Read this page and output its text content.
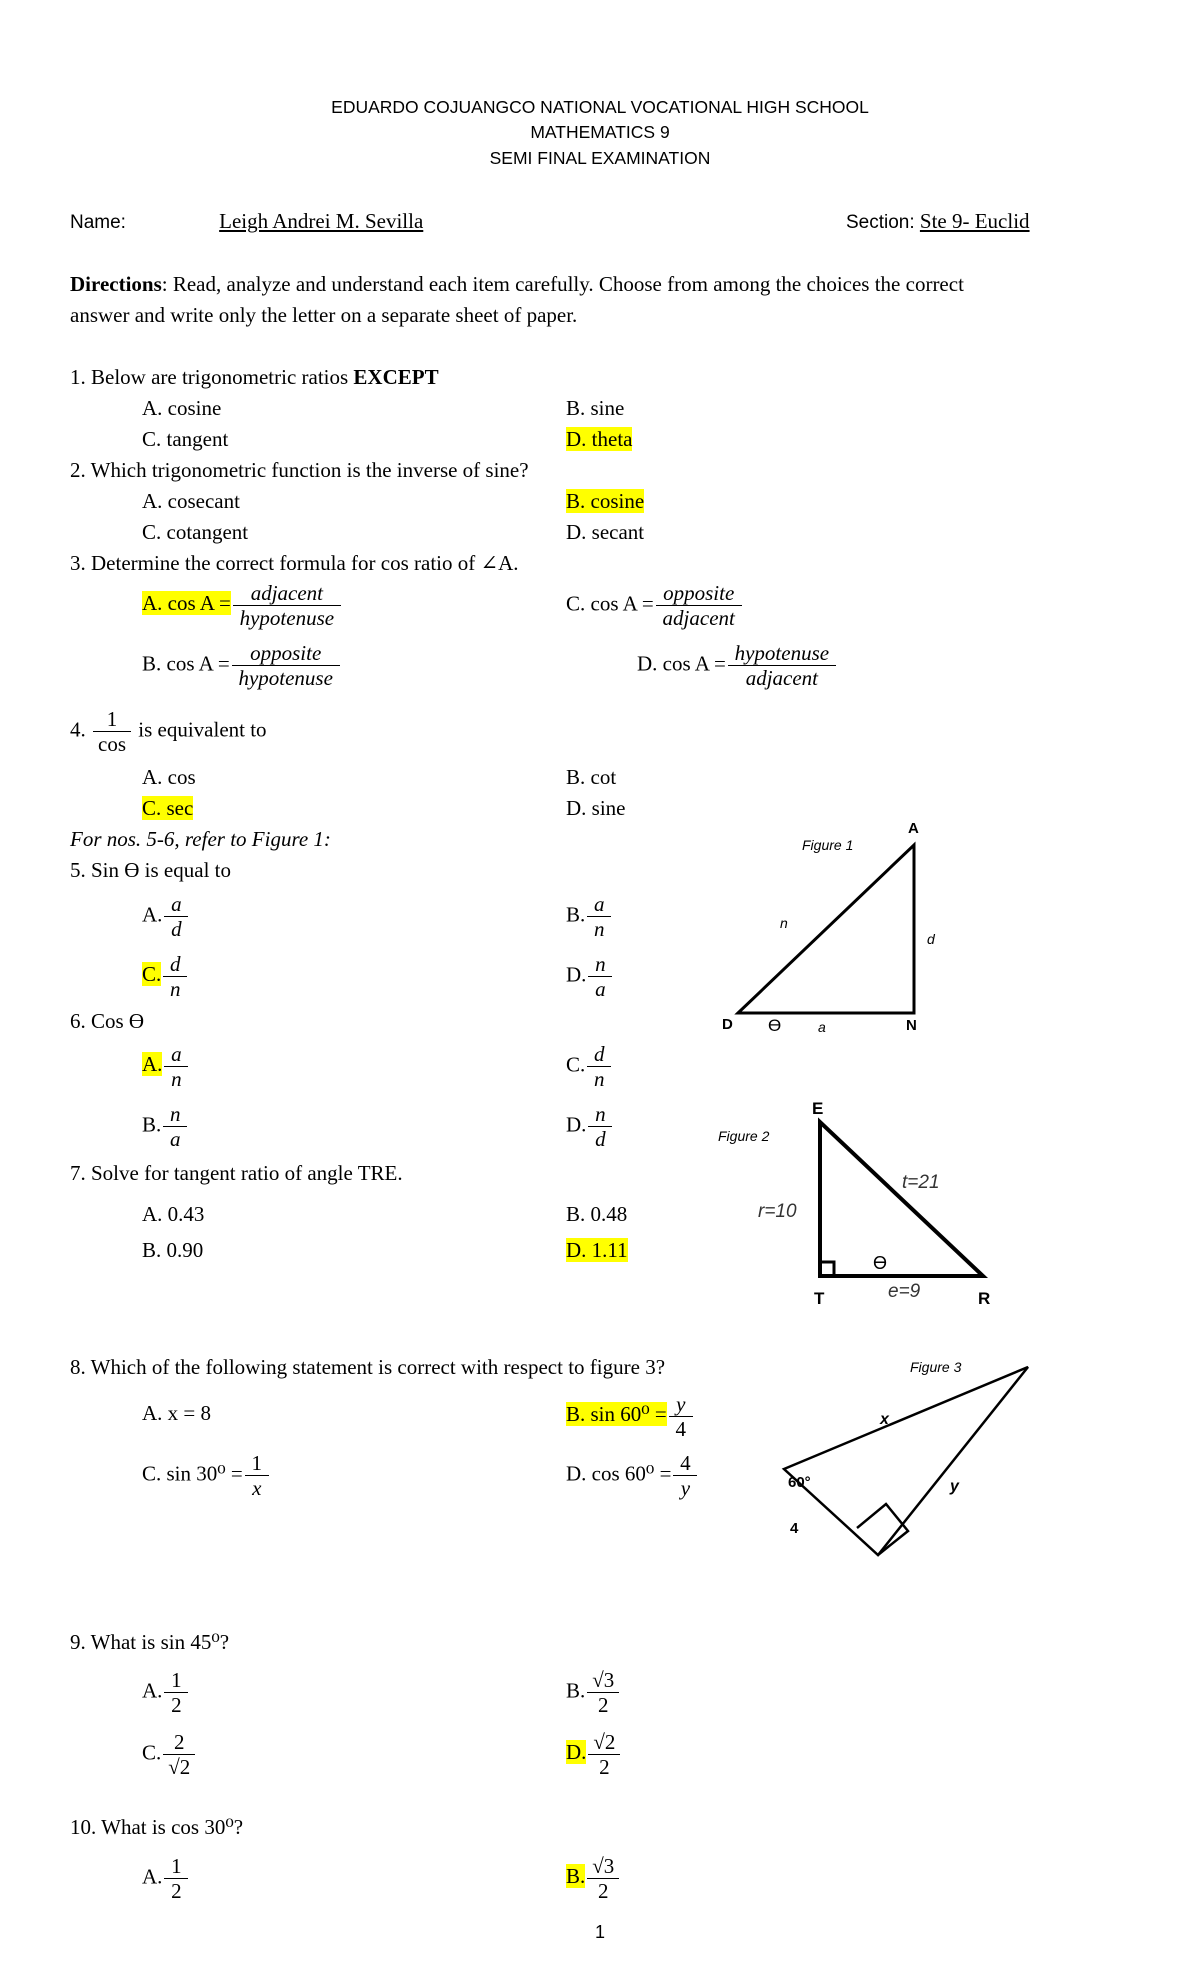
EDUARDO COJUANGCO NATIONAL VOCATIONAL HIGH SCHOOL
MATHEMATICS 9
SEMI FINAL EXAMINATION
Name:	Leigh Andrei M. Sevilla	Section: Ste 9- Euclid
Directions: Read, analyze and understand each item carefully. Choose from among the choices the correct
answer and write only the letter on a separate sheet of paper.
1. Below are trigonometric ratios EXCEPT
A. cosine	B. sine
C. tangent	D. theta
2. Which trigonometric function is the inverse of sine?
A. cosecant	B. cosine
C. cotangent	D. secant
3. Determine the correct formula for cos ratio of ∠A.
A. $\cos A = \frac{\text{adjacent}}{\text{hypotenuse}}$	C. $\cos A = \frac{\text{opposite}}{\text{adjacent}}$
B. $\cos A = \frac{\text{opposite}}{\text{hypotenuse}}$	D. $\cos A = \frac{\text{hypotenuse}}{\text{adjacent}}$
4. $\frac{1}{\cos}$ is equivalent to
A. cos	B. cot
C. sec	D. sine
For nos. 5-6, refer to Figure 1:
5. Sin ϴ is equal to
A. $\frac{a}{d}$	B. $\frac{a}{n}$
C. $\frac{d}{n}$	D. $\frac{n}{a}$
6. Cos ϴ
A. $\frac{a}{n}$	C. $\frac{d}{n}$
B. $\frac{n}{a}$	D. $\frac{n}{d}$
7. Solve for tangent ratio of angle TRE.
A. 0.43	B. 0.48
B. 0.90	D. 1.11
8. Which of the following statement is correct with respect to figure 3?
A. x = 8	B. $\sin 60^0 = \frac{y}{4}$
C. $\sin 30^0 = \frac{1}{x}$	D. $\cos 60^0 = \frac{4}{y}$
9. What is sin 45⁰?
A. $\frac{1}{2}$	B. $\frac{√3}{2}$
C. $\frac{2}{√2}$	D. $\frac{√2}{2}$
10. What is cos 30⁰?
A. $\frac{1}{2}$	B. $\frac{√3}{2}$
1
Figure 1
A
D	N
n
d
a
ϴ
Figure 2
E
T	R
r=10
t=21
e=9
ϴ
Figure 3
60°
x
y
4
